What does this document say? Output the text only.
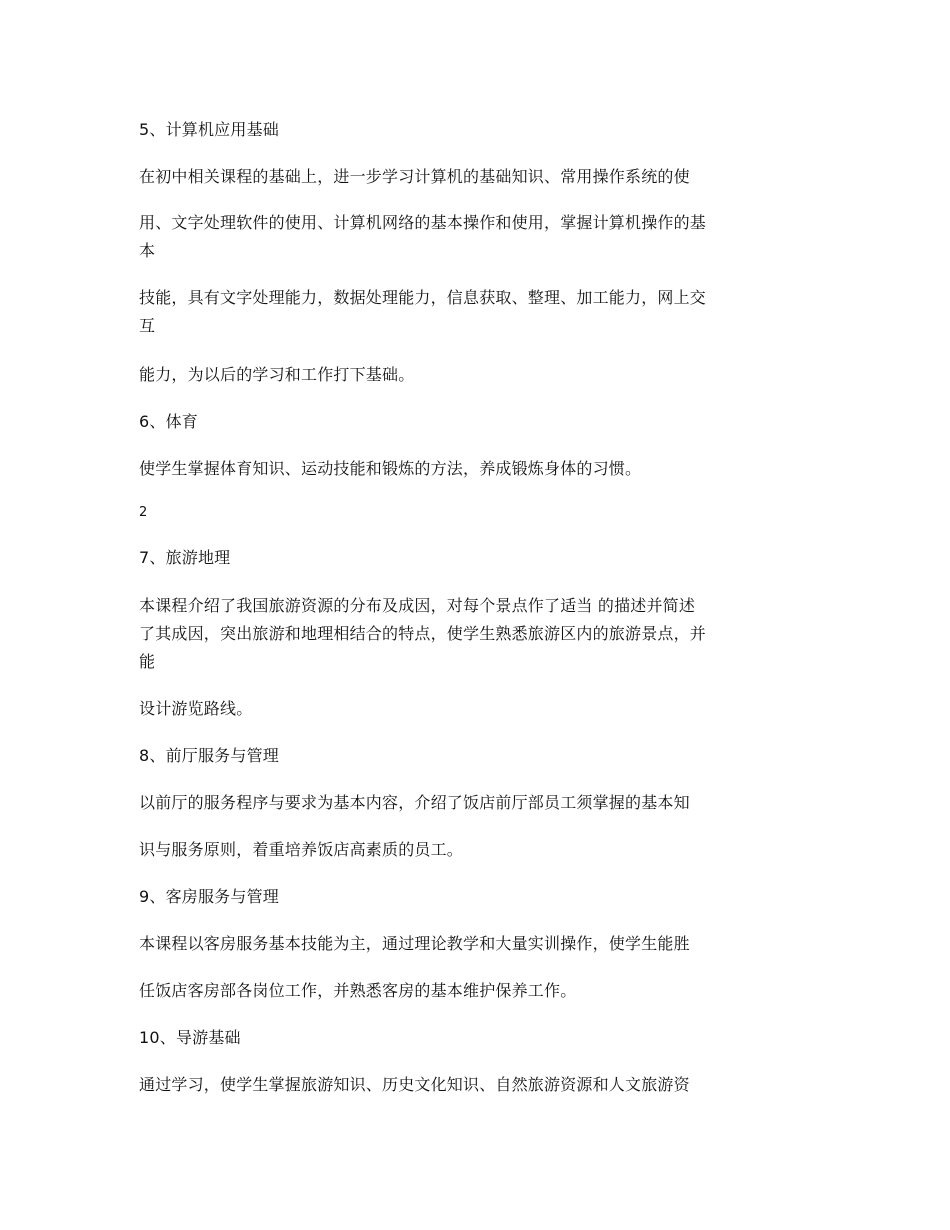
5、计算机应用基础

在初中相关课程的基础上，进一步学习计算机的基础知识、常用操作系统的使

用、文字处理软件的使用、计算机网络的基本操作和使用，掌握计算机操作的基

本

技能，具有文字处理能力，数据处理能力，信息获取、整理、加工能力，网上交

互

能力，为以后的学习和工作打下基础。

6、体育

使学生掌握体育知识、运动技能和锻炼的方法，养成锻炼身体的习惯。

2

7、旅游地理

本课程介绍了我国旅游资源的分布及成因，对每个景点作了适当 的描述并简述

了其成因，突出旅游和地理相结合的特点，使学生熟悉旅游区内的旅游景点，并

能

设计游览路线。

8、前厅服务与管理

以前厅的服务程序与要求为基本内容，介绍了饭店前厅部员工须掌握的基本知

识与服务原则，着重培养饭店高素质的员工。

9、客房服务与管理

本课程以客房服务基本技能为主，通过理论教学和大量实训操作，使学生能胜

任饭店客房部各岗位工作，并熟悉客房的基本维护保养工作。

10、导游基础

通过学习，使学生掌握旅游知识、历史文化知识、自然旅游资源和人文旅游资
